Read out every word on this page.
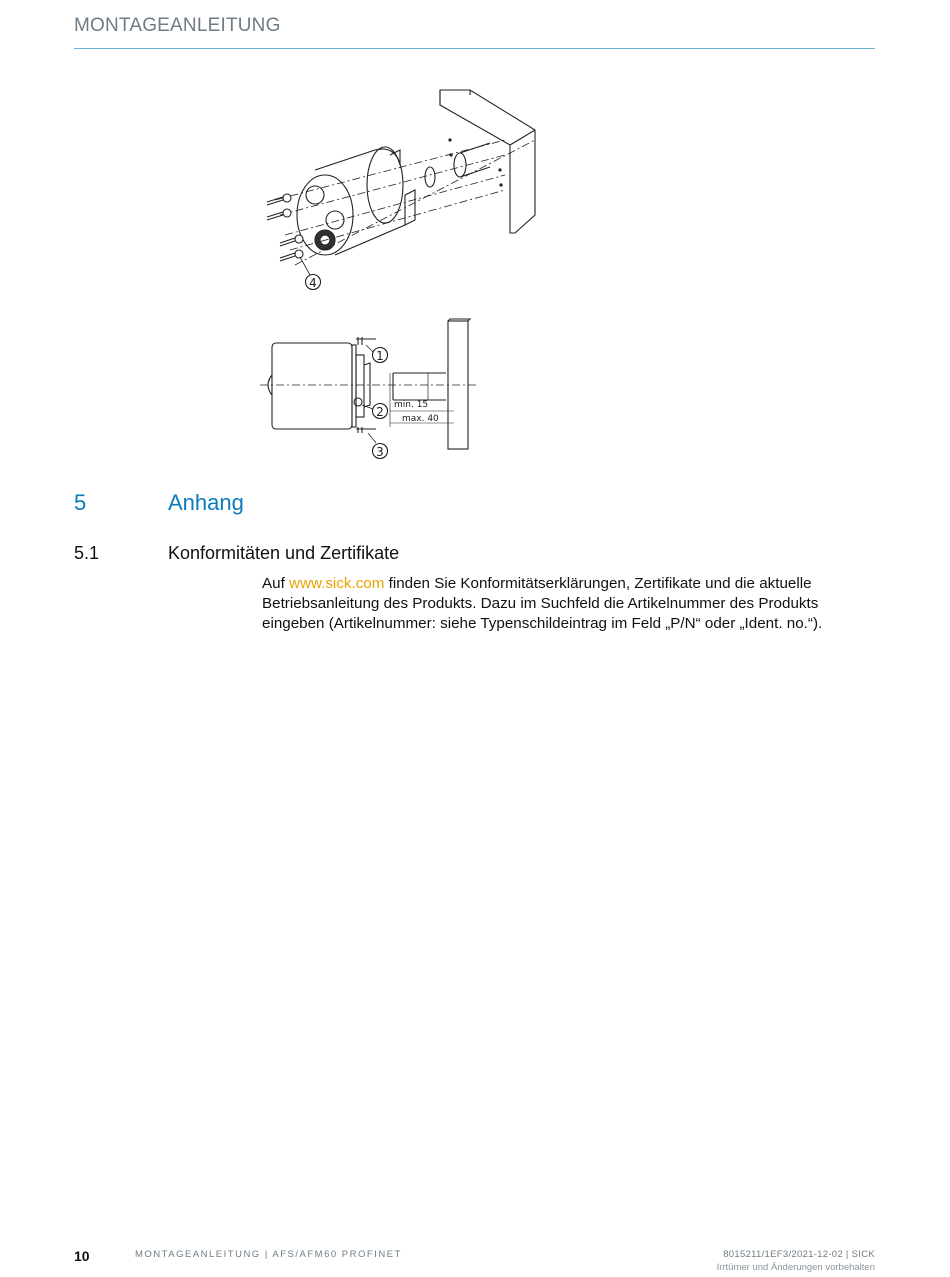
MONTAGEANLEITUNG
4
min. 15
max. 40
1
2
3
5	Anhang
5.1	Konformitäten und Zertifikate
Auf www.sick.com finden Sie Konformitätserklärungen, Zertifikate und die aktuelle Betriebsanleitung des Produkts. Dazu im Suchfeld die Artikelnummer des Produkts eingeben (Artikelnummer: siehe Typenschildeintrag im Feld „P/N“ oder „Ident. no.“).
10	MONTAGEANLEITUNG | AFS/AFM60 PROFINET	8015211/1EF3/2021-12-02 | SICK
Irrtümer und Änderungen vorbehalten
